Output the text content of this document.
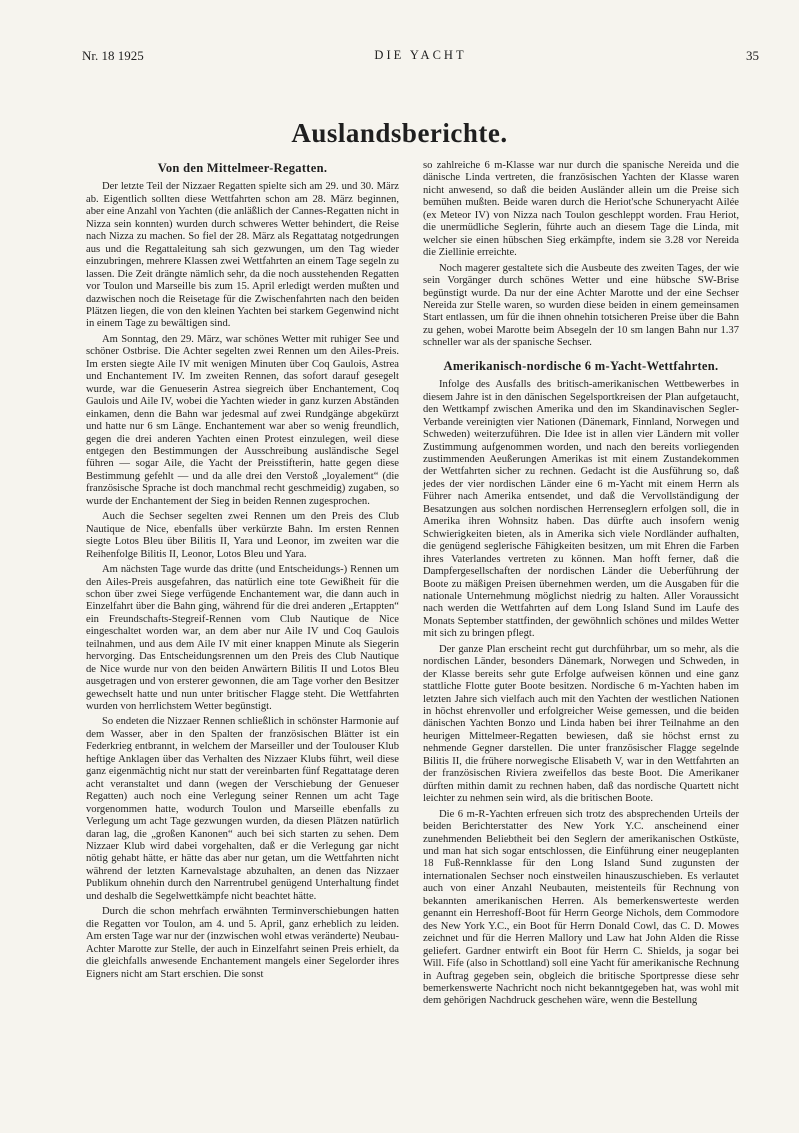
Nr. 18 1925	DIE YACHT	35
Auslandsberichte.
Von den Mittelmeer-Regatten.

Der letzte Teil der Nizzaer Regatten spielte sich am 29. und 30. März ab. Eigentlich sollten diese Wettfahrten schon am 28. März beginnen, aber eine Anzahl von Yachten (die anläßlich der Cannes-Regatten nicht in Nizza sein konnten) wurden durch schweres Wetter behindert, die Reise nach Nizza zu machen. So fiel der 28. März als Regattatag notgedrungen aus und die Regattaleitung sah sich gezwungen, um den Tag wieder einzubringen, mehrere Klassen zwei Wettfahrten an einem Tage segeln zu lassen. Die Zeit drängte nämlich sehr, da die noch ausstehenden Regatten vor Toulon und Marseille bis zum 15. April erledigt werden mußten und dazwischen noch die Reisetage für die Zwischenfahrten nach den beiden Plätzen liegen, die von den kleinen Yachten bei starkem Gegenwind nicht in einem Tage zu bewältigen sind.

Am Sonntag, den 29. März, war schönes Wetter mit ruhiger See und schöner Ostbrise. Die Achter segelten zwei Rennen um den Ailes-Preis. Im ersten siegte Aile IV mit wenigen Minuten über Coq Gaulois, Astrea und Enchantement IV. Im zweiten Rennen, das sofort darauf gesegelt wurde, war die Genueserin Astrea siegreich über Enchantement, Coq Gaulois und Aile IV, wobei die Yachten wieder in ganz kurzen Abständen einkamen, denn die Bahn war jedesmal auf zwei Rundgänge abgekürzt und hatte nur 6 sm Länge. Enchantement war aber so wenig freundlich, gegen die drei anderen Yachten einen Protest einzulegen, weil diese entgegen den Bestimmungen der Ausschreibung ausländische Segel führen — sogar Aile, die Yacht der Preisstifterin, hatte gegen diese Bestimmung gefehlt — und da alle drei den Verstoß „loyalement“ (die französische Sprache ist doch manchmal recht geschmeidig) zugaben, so wurde der Enchantement der Sieg in beiden Rennen zugesprochen.

Auch die Sechser segelten zwei Rennen um den Preis des Club Nautique de Nice, ebenfalls über verkürzte Bahn. Im ersten Rennen siegte Lotos Bleu über Bilitis II, Yara und Leonor, im zweiten war die Reihenfolge Bilitis II, Leonor, Lotos Bleu und Yara.

Am nächsten Tage wurde das dritte (und Entscheidungs-) Rennen um den Ailes-Preis ausgefahren, das natürlich eine tote Gewißheit für die schon über zwei Siege verfügende Enchantement war, die dann auch in Einzelfahrt über die Bahn ging, während für die drei anderen „Ertappten“ ein Freundschafts-Stegreif-Rennen vom Club Nautique de Nice eingeschaltet worden war, an dem aber nur Aile IV und Coq Gaulois teilnahmen, und aus dem Aile IV mit einer knappen Minute als Siegerin hervorging. Das Entscheidungsrennen um den Preis des Club Nautique de Nice wurde nur von den beiden Anwärtern Bilitis II und Lotos Bleu ausgetragen und von ersterer gewonnen, die am Tage vorher den Besitzer gewechselt hatte und nun unter britischer Flagge steht. Die Wettfahrten wurden von herrlichstem Wetter begünstigt.

So endeten die Nizzaer Rennen schließlich in schönster Harmonie auf dem Wasser, aber in den Spalten der französischen Blätter ist ein Federkrieg entbrannt, in welchem der Marseiller und der Toulouser Klub heftige Anklagen über das Verhalten des Nizzaer Klubs führt, weil diese ganz eigenmächtig nicht nur statt der vereinbarten fünf Regattatage deren acht veranstaltet und dann (wegen der Verschiebung der Genueser Regatten) auch noch eine Verlegung seiner Rennen um acht Tage vorgenommen hatte, wodurch Toulon und Marseille ebenfalls zu Verlegung um acht Tage gezwungen wurden, da diesen Plätzen natürlich daran lag, die „großen Kanonen“ auch bei sich starten zu sehen. Dem Nizzaer Klub wird dabei vorgehalten, daß er die Verlegung gar nicht nötig gehabt hätte, er hätte das aber nur getan, um die Wettfahrten nicht während der letzten Karnevalstage abzuhalten, an denen das Nizzaer Publikum ohnehin durch den Narrentrubel genügend Unterhaltung findet und deshalb die Segelwettkämpfe nicht beachtet hätte.

Durch die schon mehrfach erwähnten Terminverschiebungen hatten die Regatten vor Toulon, am 4. und 5. April, ganz erheblich zu leiden. Am ersten Tage war nur der (inzwischen wohl etwas veränderte) Neubau-Achter Marotte zur Stelle, der auch in Einzelfahrt seinen Preis erhielt, da die gleichfalls anwesende Enchantement mangels einer Segelorder ihres Eigners nicht am Start erschien. Die sonst

so zahlreiche 6 m-Klasse war nur durch die spanische Nereida und die dänische Linda vertreten, die französischen Yachten der Klasse waren nicht anwesend, so daß die beiden Ausländer allein um die Preise sich bemühen mußten. Beide waren durch die Heriot'sche Schuneryacht Ailée (ex Meteor IV) von Nizza nach Toulon geschleppt worden. Frau Heriot, die unermüdliche Seglerin, führte auch an diesem Tage die Linda, mit welcher sie einen hübschen Sieg erkämpfte, indem sie 3.28 vor Nereida die Ziellinie erreichte.

Noch magerer gestaltete sich die Ausbeute des zweiten Tages, der wie sein Vorgänger durch schönes Wetter und eine hübsche SW-Brise begünstigt wurde. Da nur der eine Achter Marotte und der eine Sechser Nereida zur Stelle waren, so wurden diese beiden in einem gemeinsamen Start entlassen, um für die ihnen ohnehin totsicheren Preise über die Bahn zu gehen, wobei Marotte beim Absegeln der 10 sm langen Bahn nur 1.37 schneller war als der spanische Sechser.

Amerikanisch-nordische 6 m-Yacht-Wettfahrten.

Infolge des Ausfalls des britisch-amerikanischen Wettbewerbes in diesem Jahre ist in den dänischen Segelsportkreisen der Plan aufgetaucht, den Wettkampf zwischen Amerika und den im Skandinavischen Segler-Verbande vereinigten vier Nationen (Dänemark, Finnland, Norwegen und Schweden) weiterzuführen. Die Idee ist in allen vier Ländern mit voller Zustimmung aufgenommen worden, und nach den bereits vorliegenden zustimmenden Aeußerungen Amerikas ist mit einem Zustandekommen der Wettfahrten sicher zu rechnen. Gedacht ist die Ausführung so, daß jedes der vier nordischen Länder eine 6 m-Yacht mit einem Herrn als Führer nach Amerika entsendet, und daß die Vervollständigung der Besatzungen aus solchen nordischen Herrenseglern erfolgen soll, die in Amerika ihren Wohnsitz haben. Das dürfte auch insofern wenig Schwierigkeiten bieten, als in Amerika sich viele Nordländer aufhalten, die genügend seglerische Fähigkeiten besitzen, um mit Ehren die Farben ihres Vaterlandes vertreten zu können. Man hofft ferner, daß die Dampfergesellschaften der nordischen Länder die Ueberführung der Boote zu mäßigen Preisen übernehmen werden, um die Ausgaben für die nationale Unternehmung möglichst niedrig zu halten. Aller Voraussicht nach werden die Wettfahrten auf dem Long Island Sund im Laufe des Monats September stattfinden, der gewöhnlich schönes und mildes Wetter mit sich zu bringen pflegt.

Der ganze Plan erscheint recht gut durchführbar, um so mehr, als die nordischen Länder, besonders Dänemark, Norwegen und Schweden, in der Klasse bereits sehr gute Erfolge aufweisen können und eine ganz stattliche Flotte guter Boote besitzen. Nordische 6 m-Yachten haben im letzten Jahre sich vielfach auch mit den Yachten der westlichen Nationen in höchst ehrenvoller und erfolgreicher Weise gemessen, und die beiden dänischen Yachten Bonzo und Linda haben bei ihrer Teilnahme an den heurigen Mittelmeer-Regatten bewiesen, daß sie höchst ernst zu nehmende Gegner darstellen. Die unter französischer Flagge segelnde Bilitis II, die frühere norwegische Elisabeth V, war in den Wettfahrten an der französischen Riviera zweifellos das beste Boot. Die Amerikaner dürften mithin damit zu rechnen haben, daß das nordische Quartett nicht leichter zu nehmen sein wird, als die britischen Boote.

Die 6 m-R-Yachten erfreuen sich trotz des absprechenden Urteils der beiden Berichterstatter des New York Y.C. anscheinend einer zunehmenden Beliebtheit bei den Seglern der amerikanischen Ostküste, und man hat sich sogar entschlossen, die Einführung einer neugeplanten 18 Fuß-Rennklasse für den Long Island Sund zugunsten der internationalen Sechser noch einstweilen hinauszuschieben. Es verlautet auch von einer Anzahl Neubauten, meistenteils für Rechnung von bekannten amerikanischen Herren. Als bemerkenswerteste werden genannt ein Herreshoff-Boot für Herrn George Nichols, dem Commodore des New York Y.C., ein Boot für Herrn Donald Cowl, das C. D. Mowes zeichnet und für die Herren Mallory und Law hat John Alden die Risse geliefert. Gardner entwirft ein Boot für Herrn C. Shields, ja sogar bei Will. Fife (also in Schottland) soll eine Yacht für amerikanische Rechnung in Auftrag gegeben sein, obgleich die britische Sportpresse diese sehr bemerkenswerte Nachricht noch nicht bekanntgegeben hat, was wohl mit dem gehörigen Nachdruck geschehen wäre, wenn die Bestellung
